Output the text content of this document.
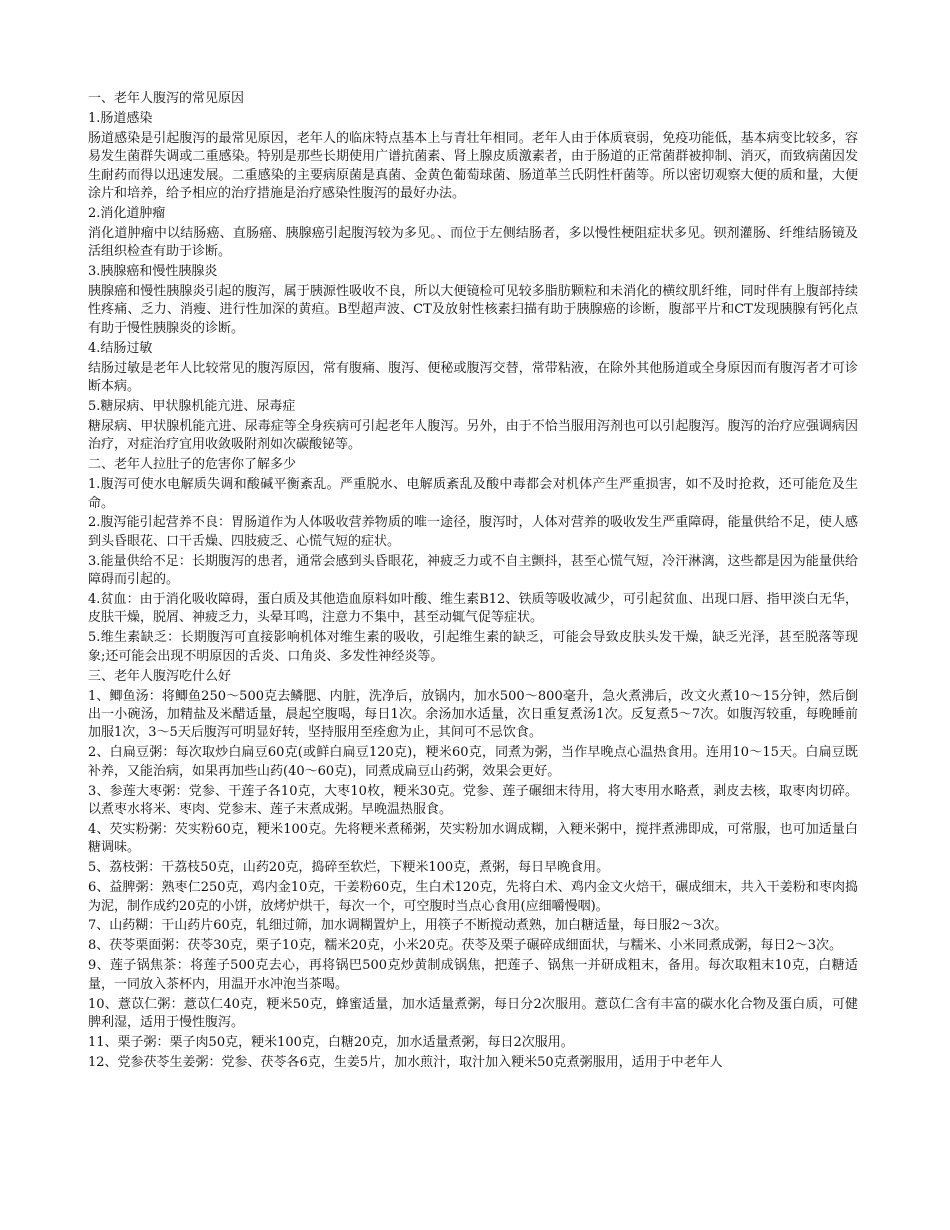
一、老年人腹泻的常见原因

1.肠道感染

肠道感染是引起腹泻的最常见原因，老年人的临床特点基本上与青壮年相同。老年人由于体质衰弱，免疫功能低，基本病变比较多，容易发生菌群失调或二重感染。特别是那些长期使用广谱抗菌素、肾上腺皮质激素者，由于肠道的正常菌群被抑制、消灭，而致病菌因发生耐药而得以迅速发展。二重感染的主要病原菌是真菌、金黄色葡萄球菌、肠道革兰氏阴性杆菌等。所以密切观察大便的质和量，大便涂片和培养，给予相应的治疗措施是治疗感染性腹泻的最好办法。

2.消化道肿瘤

消化道肿瘤中以结肠癌、直肠癌、胰腺癌引起腹泻较为多见。、而位于左侧结肠者，多以慢性梗阻症状多见。钡剂灌肠、纤维结肠镜及活组织检查有助于诊断。

3.胰腺癌和慢性胰腺炎

胰腺癌和慢性胰腺炎引起的腹泻，属于胰源性吸收不良，所以大便镜检可见较多脂肪颗粒和未消化的横纹肌纤维，同时伴有上腹部持续性疼痛、乏力、消瘦、进行性加深的黄疸。B型超声波、CT及放射性核素扫描有助于胰腺癌的诊断，腹部平片和CT发现胰腺有钙化点有助于慢性胰腺炎的诊断。

4.结肠过敏

结肠过敏是老年人比较常见的腹泻原因，常有腹痛、腹泻、便秘或腹泻交替，常带粘液，在除外其他肠道或全身原因而有腹泻者才可诊断本病。

5.糖尿病、甲状腺机能亢进、尿毒症

糖尿病、甲状腺机能亢进、尿毒症等全身疾病可引起老年人腹泻。另外，由于不恰当服用泻剂也可以引起腹泻。腹泻的治疗应强调病因治疗，对症治疗宜用收敛吸附剂如次碳酸铋等。

二、老年人拉肚子的危害你了解多少

1.腹泻可使水电解质失调和酸碱平衡紊乱。严重脱水、电解质紊乱及酸中毒都会对机体产生严重损害，如不及时抢救，还可能危及生命。

2.腹泻能引起营养不良：胃肠道作为人体吸收营养物质的唯一途径，腹泻时，人体对营养的吸收发生严重障碍，能量供给不足，使人感到头昏眼花、口干舌燥、四肢疲乏、心慌气短的症状。

3.能量供给不足：长期腹泻的患者，通常会感到头昏眼花，神疲乏力或不自主颤抖，甚至心慌气短，冷汗淋漓，这些都是因为能量供给障碍而引起的。

4.贫血：由于消化吸收障碍，蛋白质及其他造血原料如叶酸、维生素B12、铁质等吸收减少，可引起贫血、出现口唇、指甲淡白无华，皮肤干燥，脱屑、神疲乏力，头晕耳鸣，注意力不集中，甚至动辄气促等症状。

5.维生素缺乏：长期腹泻可直接影响机体对维生素的吸收，引起维生素的缺乏，可能会导致皮肤头发干燥，缺乏光泽，甚至脱落等现象;还可能会出现不明原因的舌炎、口角炎、多发性神经炎等。

三、老年人腹泻吃什么好

1、鲫鱼汤：将鲫鱼250～500克去鳞腮、内脏，洗净后，放锅内，加水500～800毫升，急火煮沸后，改文火煮10～15分钟，然后倒出一小碗汤，加精盐及米醋适量，晨起空腹喝，每日1次。余汤加水适量，次日重复煮汤1次。反复煮5～7次。如腹泻较重，每晚睡前加服1次，3～5天后腹泻可明显好转，坚持服用至痊愈为止，其间可不忌饮食。

2、白扁豆粥：每次取炒白扁豆60克(或鲜白扁豆120克)，粳米60克，同煮为粥，当作早晚点心温热食用。连用10～15天。白扁豆既补养，又能治病，如果再加些山药(40～60克)，同煮成扁豆山药粥，效果会更好。

3、参莲大枣粥：党参、干莲子各10克，大枣10枚，粳米30克。党参、莲子碾细末待用，将大枣用水略煮，剥皮去核，取枣肉切碎。以煮枣水将米、枣肉、党参末、莲子末煮成粥。早晚温热服食。

4、芡实粉粥：芡实粉60克，粳米100克。先将粳米煮稀粥，芡实粉加水调成糊，入粳米粥中，搅拌煮沸即成，可常服，也可加适量白糖调味。

5、荔枝粥：干荔枝50克，山药20克，捣碎至软烂，下粳米100克，煮粥，每日早晚食用。

6、益脾粥：熟枣仁250克，鸡内金10克，干姜粉60克，生白术120克，先将白术、鸡内金文火焙干，碾成细末，共入干姜粉和枣肉捣为泥，制作成约20克的小饼，放烤炉烘干，每次一个，可空腹时当点心食用(应细嚼慢咽)。

7、山药糊：干山药片60克，轧细过筛，加水调糊置炉上，用筷子不断搅动煮熟，加白糖适量，每日服2～3次。

8、茯苓栗面粥：茯苓30克，栗子10克，糯米20克，小米20克。茯苓及栗子碾碎成细面状，与糯米、小米同煮成粥，每日2～3次。

9、莲子锅焦茶：将莲子500克去心，再将锅巴500克炒黄制成锅焦，把莲子、锅焦一并研成粗末，备用。每次取粗末10克，白糖适量，一同放入茶杯内，用温开水冲泡当茶喝。

10、薏苡仁粥：薏苡仁40克，粳米50克，蜂蜜适量，加水适量煮粥，每日分2次服用。薏苡仁含有丰富的碳水化合物及蛋白质，可健脾利湿，适用于慢性腹泻。

11、栗子粥：栗子肉50克，粳米100克，白糖20克，加水适量煮粥，每日2次服用。

12、党参茯苓生姜粥：党参、茯苓各6克，生姜5片，加水煎汁，取汁加入粳米50克煮粥服用，适用于中老年人
